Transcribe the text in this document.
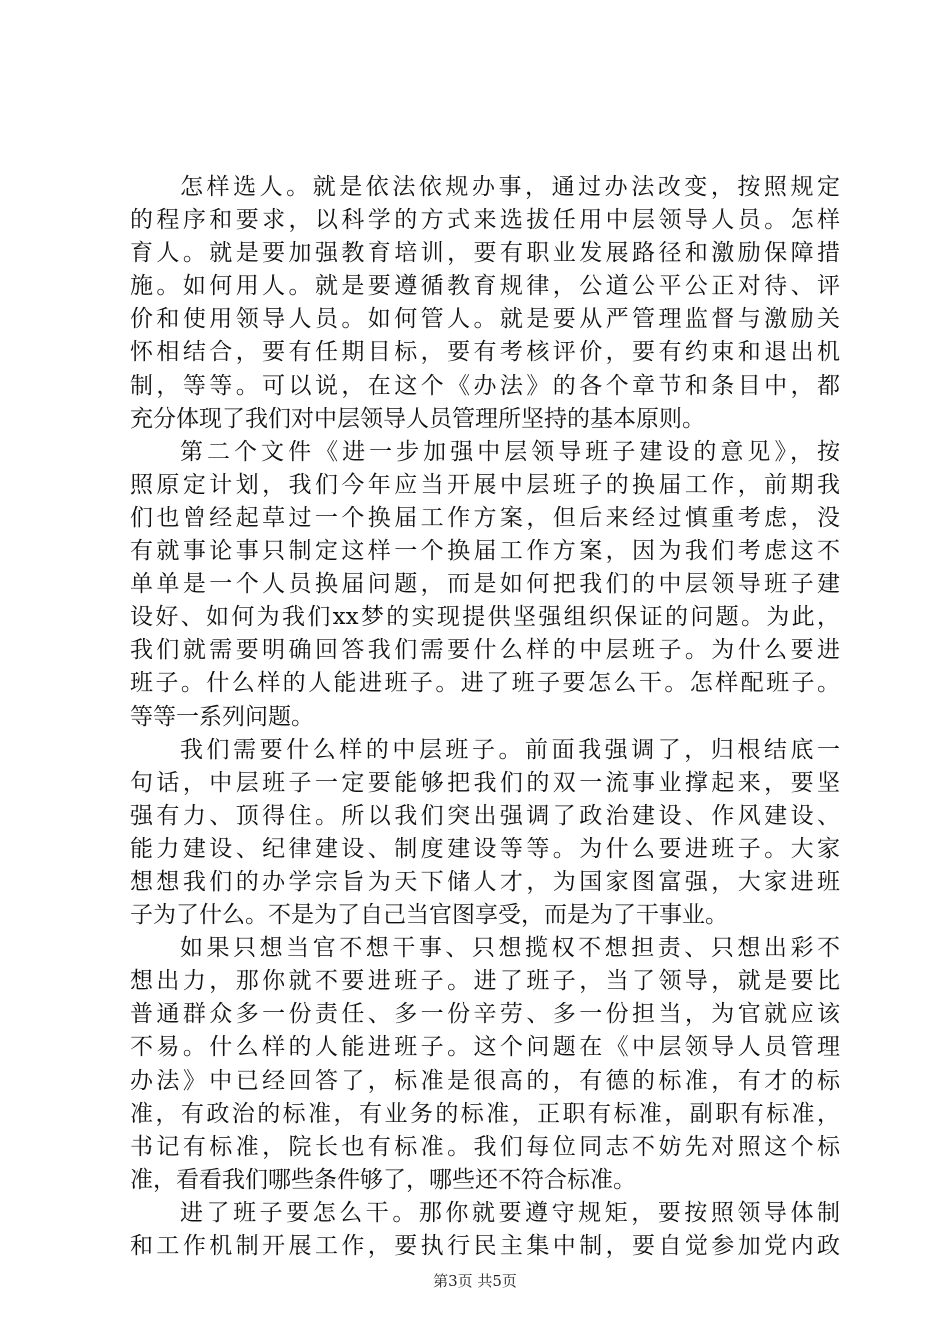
怎样选人。就是依法依规办事，通过办法改变，按照规定
的程序和要求，以科学的方式来选拔任用中层领导人员。怎样
育人。就是要加强教育培训，要有职业发展路径和激励保障措
施。如何用人。就是要遵循教育规律，公道公平公正对待、评
价和使用领导人员。如何管人。就是要从严管理监督与激励关
怀相结合，要有任期目标，要有考核评价，要有约束和退出机
制，等等。可以说，在这个《办法》的各个章节和条目中，都
充分体现了我们对中层领导人员管理所坚持的基本原则。
第二个文件《进一步加强中层领导班子建设的意见》，按
照原定计划，我们今年应当开展中层班子的换届工作，前期我
们也曾经起草过一个换届工作方案，但后来经过慎重考虑，没
有就事论事只制定这样一个换届工作方案，因为我们考虑这不
单单是一个人员换届问题，而是如何把我们的中层领导班子建
设好、如何为我们xx梦的实现提供坚强组织保证的问题。为此，
我们就需要明确回答我们需要什么样的中层班子。为什么要进
班子。什么样的人能进班子。进了班子要怎么干。怎样配班子。
等等一系列问题。
我们需要什么样的中层班子。前面我强调了，归根结底一
句话，中层班子一定要能够把我们的双一流事业撑起来，要坚
强有力、顶得住。所以我们突出强调了政治建设、作风建设、
能力建设、纪律建设、制度建设等等。为什么要进班子。大家
想想我们的办学宗旨为天下储人才，为国家图富强，大家进班
子为了什么。不是为了自己当官图享受，而是为了干事业。
如果只想当官不想干事、只想揽权不想担责、只想出彩不
想出力，那你就不要进班子。进了班子，当了领导，就是要比
普通群众多一份责任、多一份辛劳、多一份担当，为官就应该
不易。什么样的人能进班子。这个问题在《中层领导人员管理
办法》中已经回答了，标准是很高的，有德的标准，有才的标
准，有政治的标准，有业务的标准，正职有标准，副职有标准，
书记有标准，院长也有标准。我们每位同志不妨先对照这个标
准，看看我们哪些条件够了，哪些还不符合标准。
进了班子要怎么干。那你就要遵守规矩，要按照领导体制
和工作机制开展工作，要执行民主集中制，要自觉参加党内政
第3页 共5页
